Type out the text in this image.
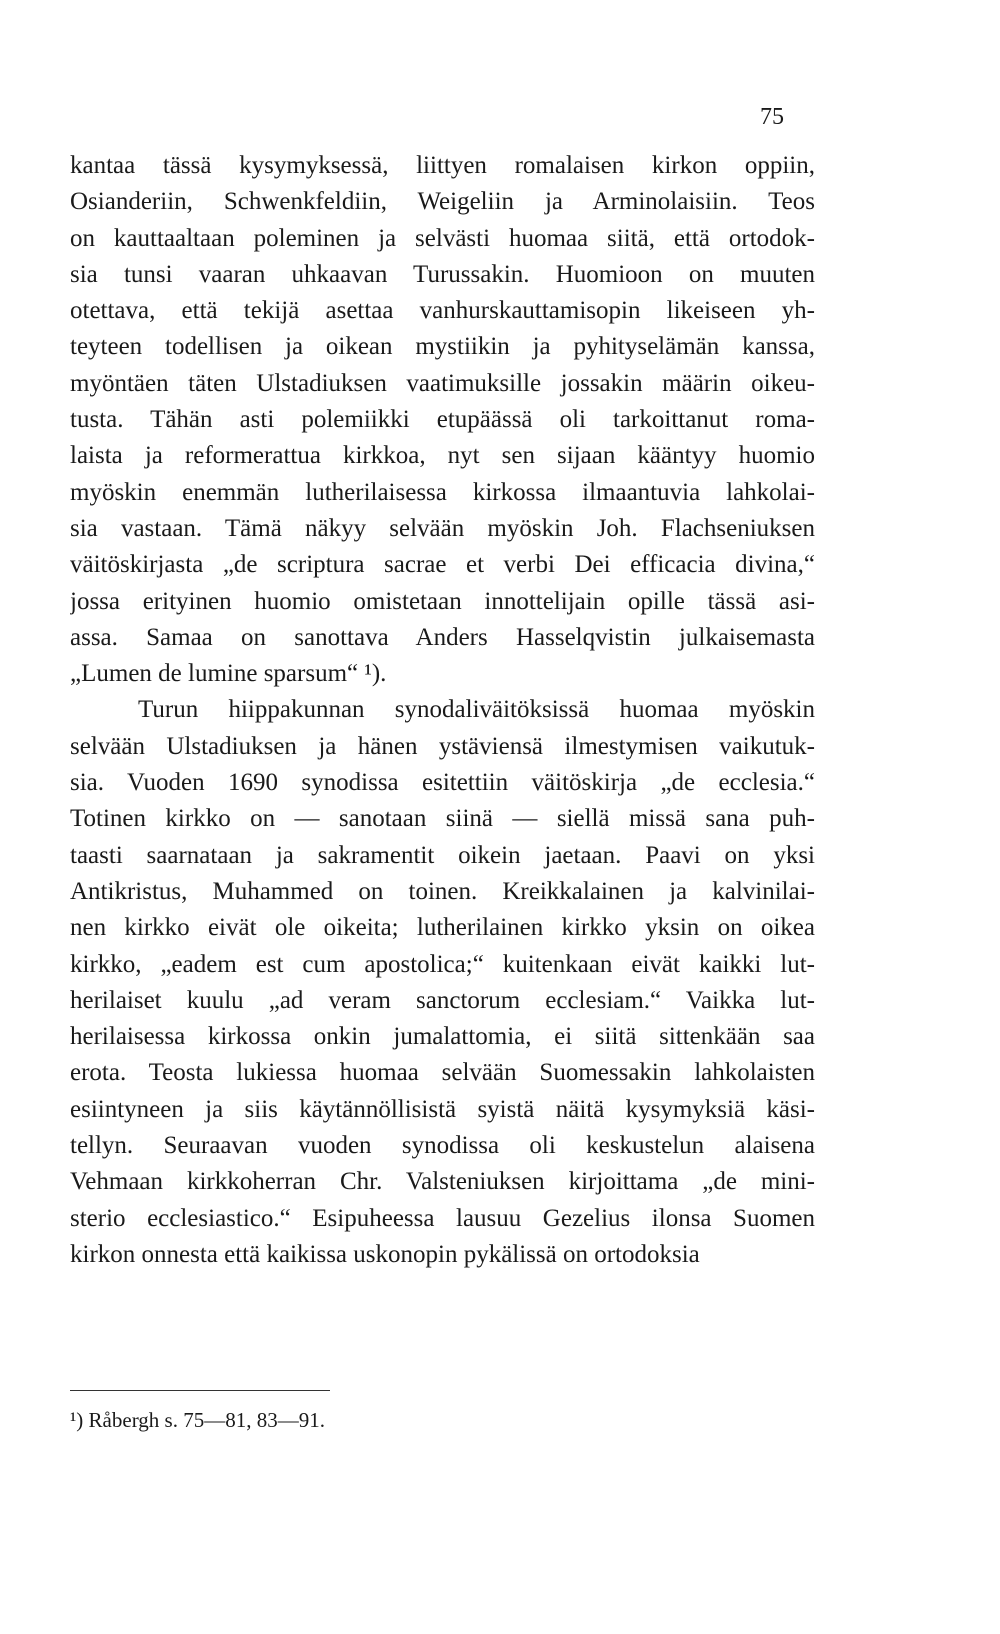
75
kantaa tässä kysymyksessä, liittyen romalaisen kirkon oppiin,
Osianderiin, Schwenkfeldiin, Weigeliin ja Arminolaisiin. Teos
on kauttaaltaan poleminen ja selvästi huomaa siitä, että ortodok-
sia tunsi vaaran uhkaavan Turussakin. Huomioon on muuten
otettava, että tekijä asettaa vanhurskauttamisopin likeiseen yh-
teyteen todellisen ja oikean mystiikin ja pyhityselämän kanssa,
myöntäen täten Ulstadiuksen vaatimuksille jossakin määrin oikeu-
tusta. Tähän asti polemiikki etupäässä oli tarkoittanut roma-
laista ja reformerattua kirkkoa, nyt sen sijaan kääntyy huomio
myöskin enemmän lutherilaisessa kirkossa ilmaantuvia lahkolai-
sia vastaan. Tämä näkyy selvään myöskin Joh. Flachseniuksen
väitöskirjasta „de scriptura sacrae et verbi Dei efficacia divina,“
jossa erityinen huomio omistetaan innottelijain opille tässä asi-
assa. Samaa on sanottava Anders Hasselqvistin julkaisemasta
„Lumen de lumine sparsum“ ¹).
Turun hiippakunnan synodaliväitöksissä huomaa myöskin
selvään Ulstadiuksen ja hänen ystäviensä ilmestymisen vaikutuk-
sia. Vuoden 1690 synodissa esitettiin väitöskirja „de ecclesia.“
Totinen kirkko on — sanotaan siinä — siellä missä sana puh-
taasti saarnataan ja sakramentit oikein jaetaan. Paavi on yksi
Antikristus, Muhammed on toinen. Kreikkalainen ja kalvinilai-
nen kirkko eivät ole oikeita; lutherilainen kirkko yksin on oikea
kirkko, „eadem est cum apostolica;“ kuitenkaan eivät kaikki lut-
herilaiset kuulu „ad veram sanctorum ecclesiam.“ Vaikka lut-
herilaisessa kirkossa onkin jumalattomia, ei siitä sittenkään saa
erota. Teosta lukiessa huomaa selvään Suomessakin lahkolaisten
esiintyneen ja siis käytännöllisistä syistä näitä kysymyksiä käsi-
tellyn. Seuraavan vuoden synodissa oli keskustelun alaisena
Vehmaan kirkkoherran Chr. Valsteniuksen kirjoittama „de mini-
sterio ecclesiastico.“ Esipuheessa lausuu Gezelius ilonsa Suomen
kirkon onnesta että kaikissa uskonopin pykälissä on ortodoksia
¹) Råbergh s. 75—81, 83—91.
